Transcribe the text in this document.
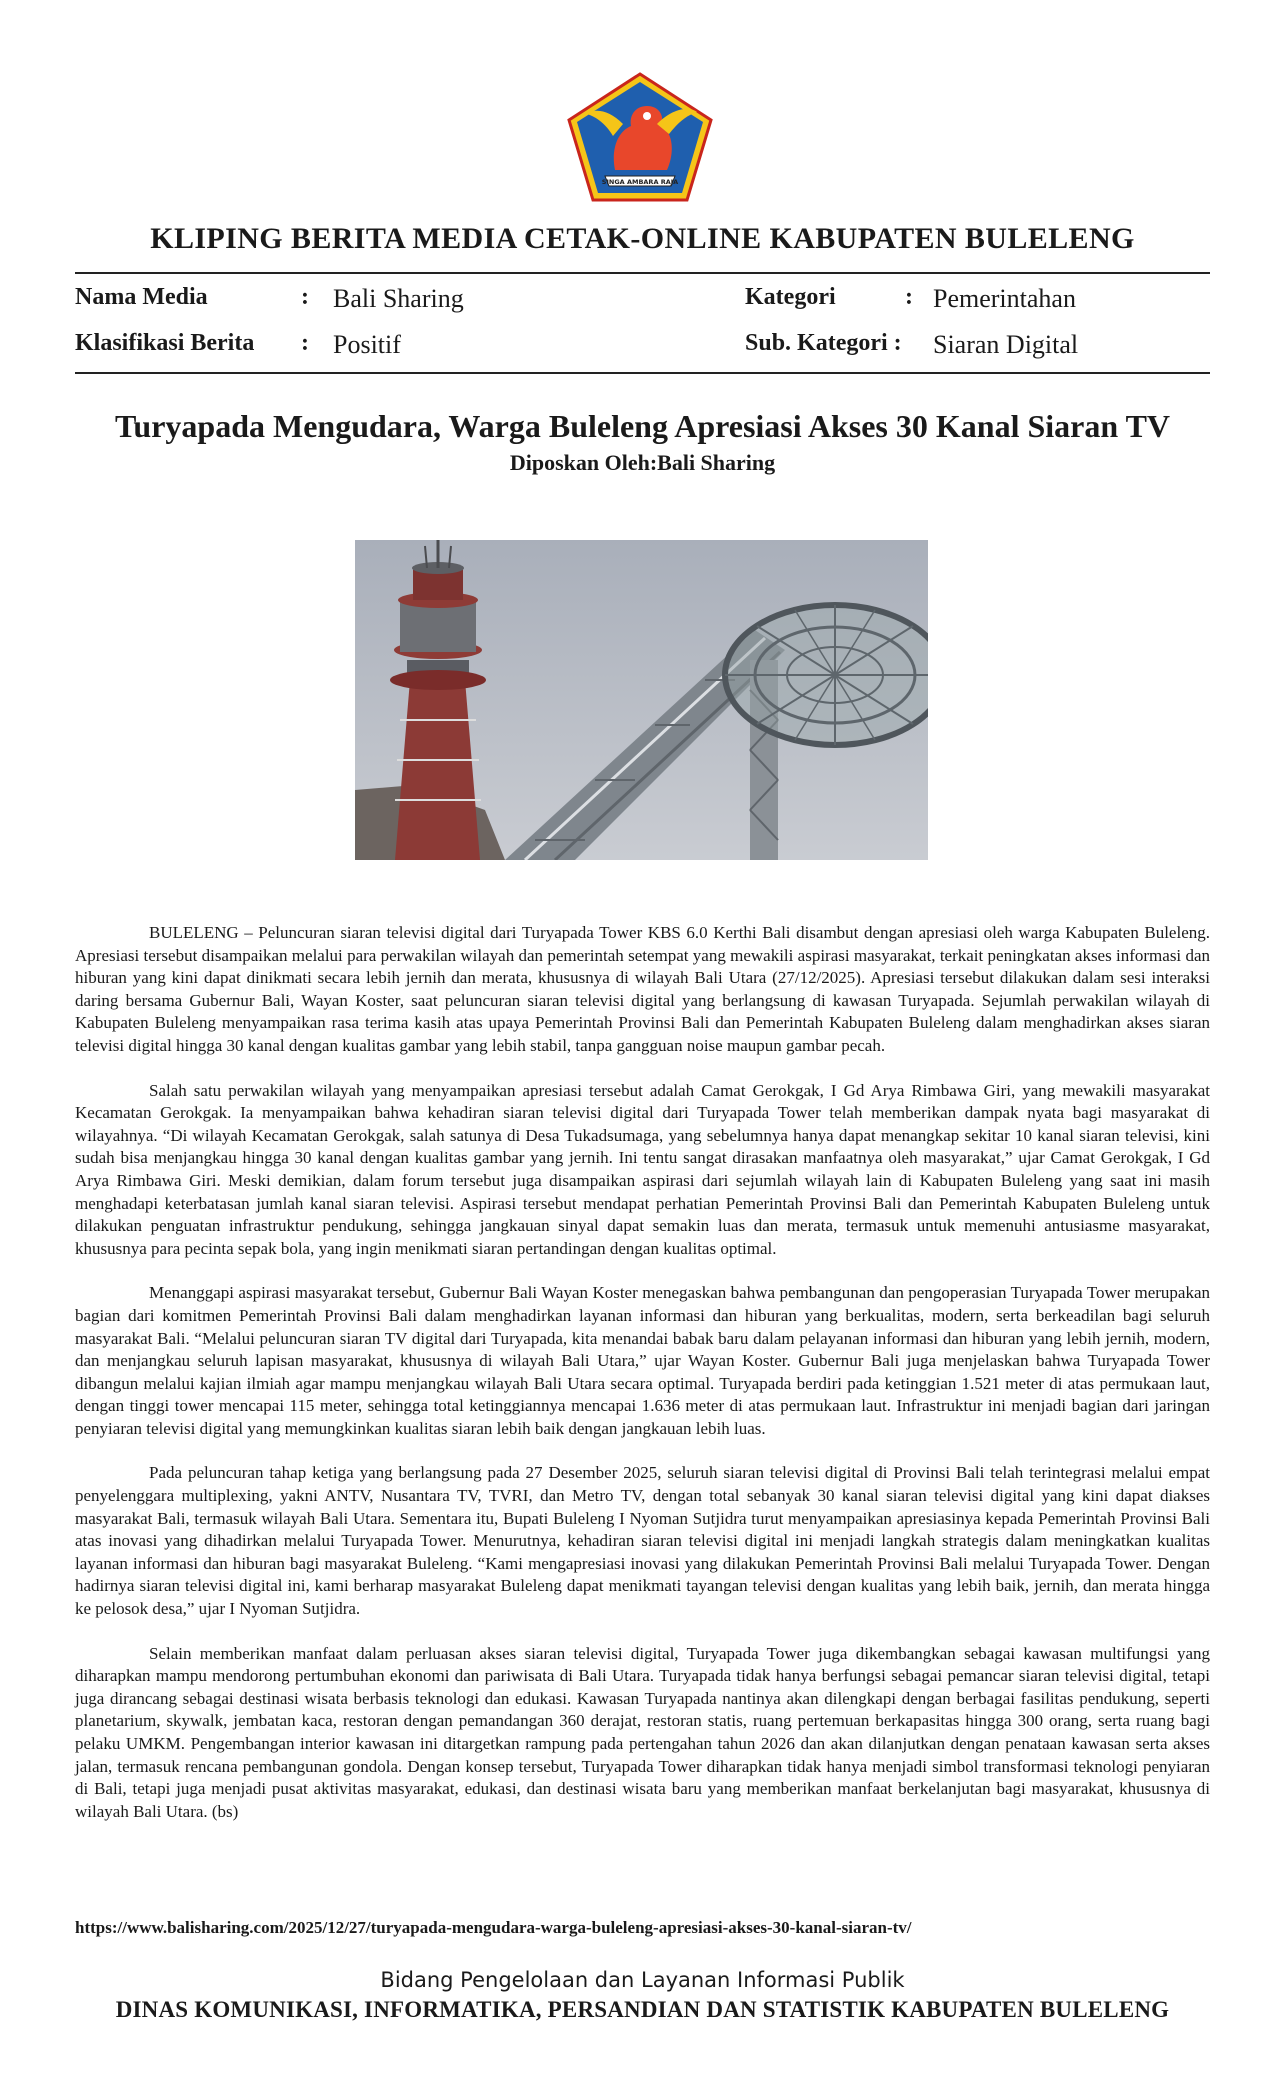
SINGA AMBARA RAJA
KLIPING BERITA MEDIA CETAK-ONLINE KABUPATEN BULELENG
Nama Media	: Bali Sharing
Klasifikasi Berita : Positif
Kategori	: Pemerintahan
Sub. Kategori : Siaran Digital
Turyapada Mengudara, Warga Buleleng Apresiasi Akses 30 Kanal Siaran TV
Diposkan Oleh:Bali Sharing

BULELENG – Peluncuran siaran televisi digital dari Turyapada Tower KBS 6.0 Kerthi Bali disambut dengan apresiasi oleh warga Kabupaten Buleleng. Apresiasi tersebut disampaikan melalui para perwakilan wilayah dan pemerintah setempat yang mewakili aspirasi masyarakat, terkait peningkatan akses informasi dan hiburan yang kini dapat dinikmati secara lebih jernih dan merata, khususnya di wilayah Bali Utara (27/12/2025). Apresiasi tersebut dilakukan dalam sesi interaksi daring bersama Gubernur Bali, Wayan Koster, saat peluncuran siaran televisi digital yang berlangsung di kawasan Turyapada. Sejumlah perwakilan wilayah di Kabupaten Buleleng menyampaikan rasa terima kasih atas upaya Pemerintah Provinsi Bali dan Pemerintah Kabupaten Buleleng dalam menghadirkan akses siaran televisi digital hingga 30 kanal dengan kualitas gambar yang lebih stabil, tanpa gangguan noise maupun gambar pecah.

Salah satu perwakilan wilayah yang menyampaikan apresiasi tersebut adalah Camat Gerokgak, I Gd Arya Rimbawa Giri, yang mewakili masyarakat Kecamatan Gerokgak. Ia menyampaikan bahwa kehadiran siaran televisi digital dari Turyapada Tower telah memberikan dampak nyata bagi masyarakat di wilayahnya. “Di wilayah Kecamatan Gerokgak, salah satunya di Desa Tukadsumaga, yang sebelumnya hanya dapat menangkap sekitar 10 kanal siaran televisi, kini sudah bisa menjangkau hingga 30 kanal dengan kualitas gambar yang jernih. Ini tentu sangat dirasakan manfaatnya oleh masyarakat,” ujar Camat Gerokgak, I Gd Arya Rimbawa Giri. Meski demikian, dalam forum tersebut juga disampaikan aspirasi dari sejumlah wilayah lain di Kabupaten Buleleng yang saat ini masih menghadapi keterbatasan jumlah kanal siaran televisi. Aspirasi tersebut mendapat perhatian Pemerintah Provinsi Bali dan Pemerintah Kabupaten Buleleng untuk dilakukan penguatan infrastruktur pendukung, sehingga jangkauan sinyal dapat semakin luas dan merata, termasuk untuk memenuhi antusiasme masyarakat, khususnya para pecinta sepak bola, yang ingin menikmati siaran pertandingan dengan kualitas optimal.

Menanggapi aspirasi masyarakat tersebut, Gubernur Bali Wayan Koster menegaskan bahwa pembangunan dan pengoperasian Turyapada Tower merupakan bagian dari komitmen Pemerintah Provinsi Bali dalam menghadirkan layanan informasi dan hiburan yang berkualitas, modern, serta berkeadilan bagi seluruh masyarakat Bali. “Melalui peluncuran siaran TV digital dari Turyapada, kita menandai babak baru dalam pelayanan informasi dan hiburan yang lebih jernih, modern, dan menjangkau seluruh lapisan masyarakat, khususnya di wilayah Bali Utara,” ujar Wayan Koster. Gubernur Bali juga menjelaskan bahwa Turyapada Tower dibangun melalui kajian ilmiah agar mampu menjangkau wilayah Bali Utara secara optimal. Turyapada berdiri pada ketinggian 1.521 meter di atas permukaan laut, dengan tinggi tower mencapai 115 meter, sehingga total ketinggiannya mencapai 1.636 meter di atas permukaan laut. Infrastruktur ini menjadi bagian dari jaringan penyiaran televisi digital yang memungkinkan kualitas siaran lebih baik dengan jangkauan lebih luas.

Pada peluncuran tahap ketiga yang berlangsung pada 27 Desember 2025, seluruh siaran televisi digital di Provinsi Bali telah terintegrasi melalui empat penyelenggara multiplexing, yakni ANTV, Nusantara TV, TVRI, dan Metro TV, dengan total sebanyak 30 kanal siaran televisi digital yang kini dapat diakses masyarakat Bali, termasuk wilayah Bali Utara. Sementara itu, Bupati Buleleng I Nyoman Sutjidra turut menyampaikan apresiasinya kepada Pemerintah Provinsi Bali atas inovasi yang dihadirkan melalui Turyapada Tower. Menurutnya, kehadiran siaran televisi digital ini menjadi langkah strategis dalam meningkatkan kualitas layanan informasi dan hiburan bagi masyarakat Buleleng. “Kami mengapresiasi inovasi yang dilakukan Pemerintah Provinsi Bali melalui Turyapada Tower. Dengan hadirnya siaran televisi digital ini, kami berharap masyarakat Buleleng dapat menikmati tayangan televisi dengan kualitas yang lebih baik, jernih, dan merata hingga ke pelosok desa,” ujar I Nyoman Sutjidra.

Selain memberikan manfaat dalam perluasan akses siaran televisi digital, Turyapada Tower juga dikembangkan sebagai kawasan multifungsi yang diharapkan mampu mendorong pertumbuhan ekonomi dan pariwisata di Bali Utara. Turyapada tidak hanya berfungsi sebagai pemancar siaran televisi digital, tetapi juga dirancang sebagai destinasi wisata berbasis teknologi dan edukasi. Kawasan Turyapada nantinya akan dilengkapi dengan berbagai fasilitas pendukung, seperti planetarium, skywalk, jembatan kaca, restoran dengan pemandangan 360 derajat, restoran statis, ruang pertemuan berkapasitas hingga 300 orang, serta ruang bagi pelaku UMKM. Pengembangan interior kawasan ini ditargetkan rampung pada pertengahan tahun 2026 dan akan dilanjutkan dengan penataan kawasan serta akses jalan, termasuk rencana pembangunan gondola. Dengan konsep tersebut, Turyapada Tower diharapkan tidak hanya menjadi simbol transformasi teknologi penyiaran di Bali, tetapi juga menjadi pusat aktivitas masyarakat, edukasi, dan destinasi wisata baru yang memberikan manfaat berkelanjutan bagi masyarakat, khususnya di wilayah Bali Utara. (bs)

https://www.balisharing.com/2025/12/27/turyapada-mengudara-warga-buleleng-apresiasi-akses-30-kanal-siaran-tv/
Bidang Pengelolaan dan Layanan Informasi Publik
DINAS KOMUNIKASI, INFORMATIKA, PERSANDIAN DAN STATISTIK KABUPATEN BULELENG
